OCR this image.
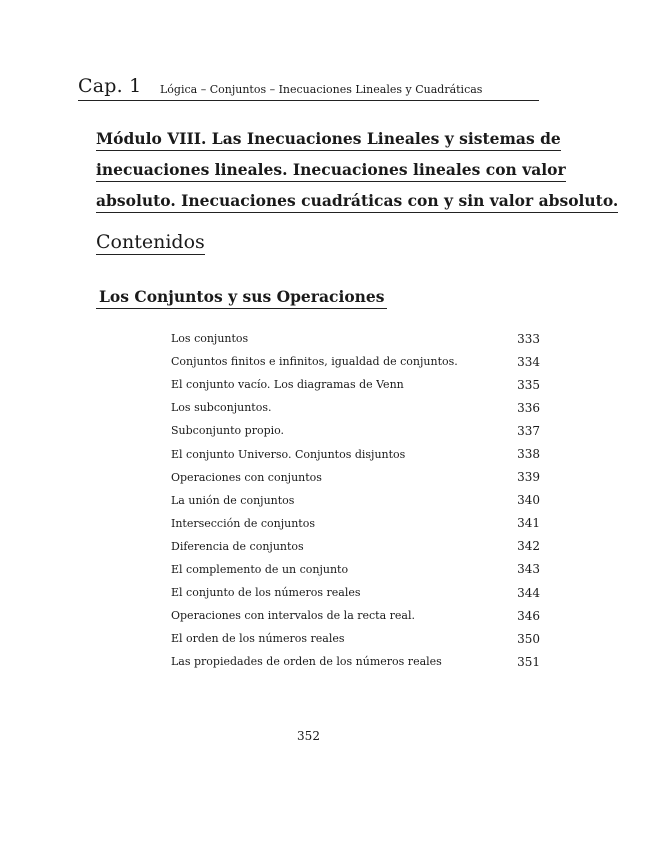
Cap. 1 Lógica – Conjuntos – Inecuaciones Lineales y Cuadráticas
Módulo VIII. Las Inecuaciones Lineales y sistemas de
inecuaciones lineales. Inecuaciones lineales con valor
absoluto. Inecuaciones cuadráticas con y sin valor absoluto.
Contenidos
Los Conjuntos y sus Operaciones
Los conjuntos	333
Conjuntos finitos e infinitos, igualdad de conjuntos.	334
El conjunto vacío. Los diagramas de Venn	335
Los subconjuntos.	336
Subconjunto propio.	337
El conjunto Universo. Conjuntos disjuntos	338
Operaciones con conjuntos	339
La unión de conjuntos	340
Intersección de conjuntos	341
Diferencia de conjuntos	342
El complemento de un conjunto	343
El conjunto de los números reales	344
Operaciones con intervalos de la recta real.	346
El orden de los números reales	350
Las propiedades de orden de los números reales	351
352
